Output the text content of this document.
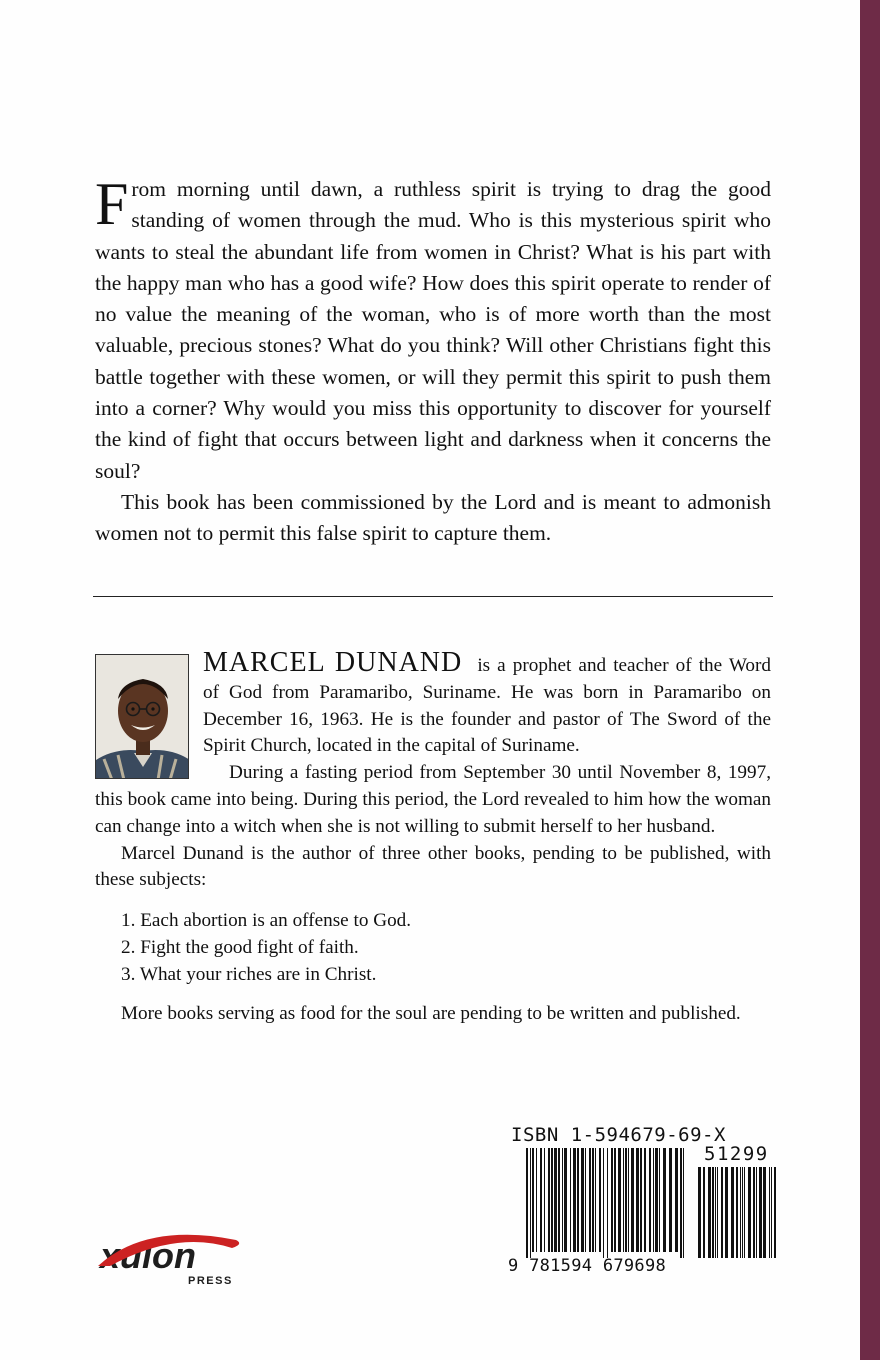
From morning until dawn, a ruthless spirit is trying to drag the good standing of women through the mud. Who is this mysterious spirit who wants to steal the abundant life from women in Christ? What is his part with the happy man who has a good wife? How does this spirit operate to render of no value the meaning of the woman, who is of more worth than the most valuable, precious stones? What do you think? Will other Christians fight this battle together with these women, or will they permit this spirit to push them into a corner? Why would you miss this opportunity to discover for yourself the kind of fight that occurs between light and darkness when it concerns the soul?

This book has been commissioned by the Lord and is meant to admonish women not to permit this false spirit to capture them.

MARCEL DUNAND is a prophet and teacher of the Word of God from Paramaribo, Suriname. He was born in Paramaribo on December 16, 1963. He is the founder and pastor of The Sword of the Spirit Church, located in the capital of Suriname.

During a fasting period from September 30 until November 8, 1997, this book came into being. During this period, the Lord revealed to him how the woman can change into a witch when she is not willing to submit herself to her husband.

Marcel Dunand is the author of three other books, pending to be published, with these subjects:

1. Each abortion is an offense to God.
2. Fight the good fight of faith.
3. What your riches are in Christ.

More books serving as food for the soul are pending to be written and published.

xulon
PRESS
ISBN 1-594679-69-X
51299
9 781594 679698
